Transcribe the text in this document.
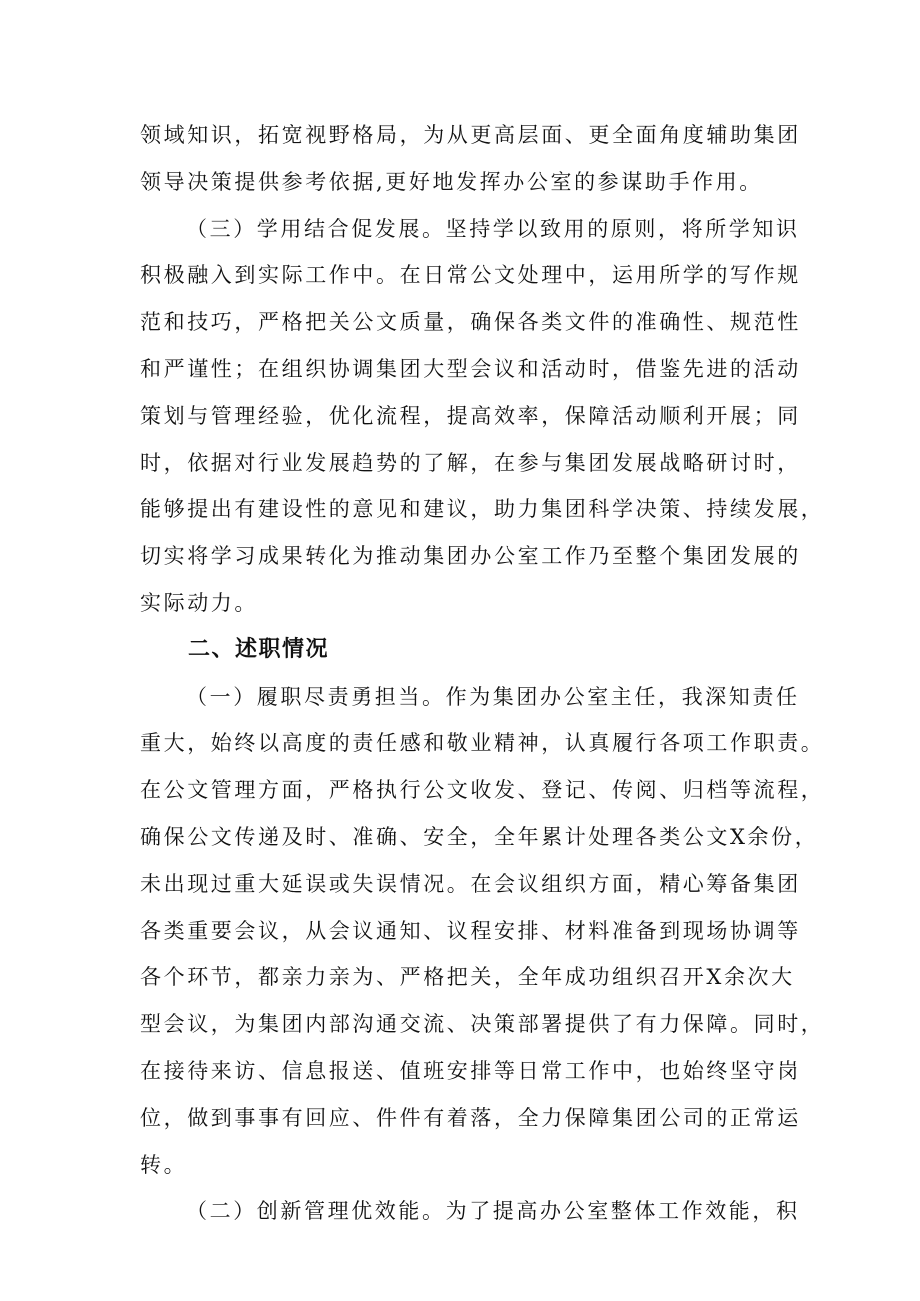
领域知识，拓宽视野格局，为从更高层面、更全面角度辅助集团
领导决策提供参考依据,更好地发挥办公室的参谋助手作用。
（三）学用结合促发展。坚持学以致用的原则，将所学知识
积极融入到实际工作中。在日常公文处理中，运用所学的写作规
范和技巧，严格把关公文质量，确保各类文件的准确性、规范性
和严谨性；在组织协调集团大型会议和活动时，借鉴先进的活动
策划与管理经验，优化流程，提高效率，保障活动顺利开展；同
时，依据对行业发展趋势的了解，在参与集团发展战略研讨时，
能够提出有建设性的意见和建议，助力集团科学决策、持续发展，
切实将学习成果转化为推动集团办公室工作乃至整个集团发展的
实际动力。
二、述职情况
（一）履职尽责勇担当。作为集团办公室主任，我深知责任
重大，始终以高度的责任感和敬业精神，认真履行各项工作职责。
在公文管理方面，严格执行公文收发、登记、传阅、归档等流程，
确保公文传递及时、准确、安全，全年累计处理各类公文X余份，
未出现过重大延误或失误情况。在会议组织方面，精心筹备集团
各类重要会议，从会议通知、议程安排、材料准备到现场协调等
各个环节，都亲力亲为、严格把关，全年成功组织召开X余次大
型会议，为集团内部沟通交流、决策部署提供了有力保障。同时，
在接待来访、信息报送、值班安排等日常工作中，也始终坚守岗
位，做到事事有回应、件件有着落，全力保障集团公司的正常运
转。
（二）创新管理优效能。为了提高办公室整体工作效能，积
